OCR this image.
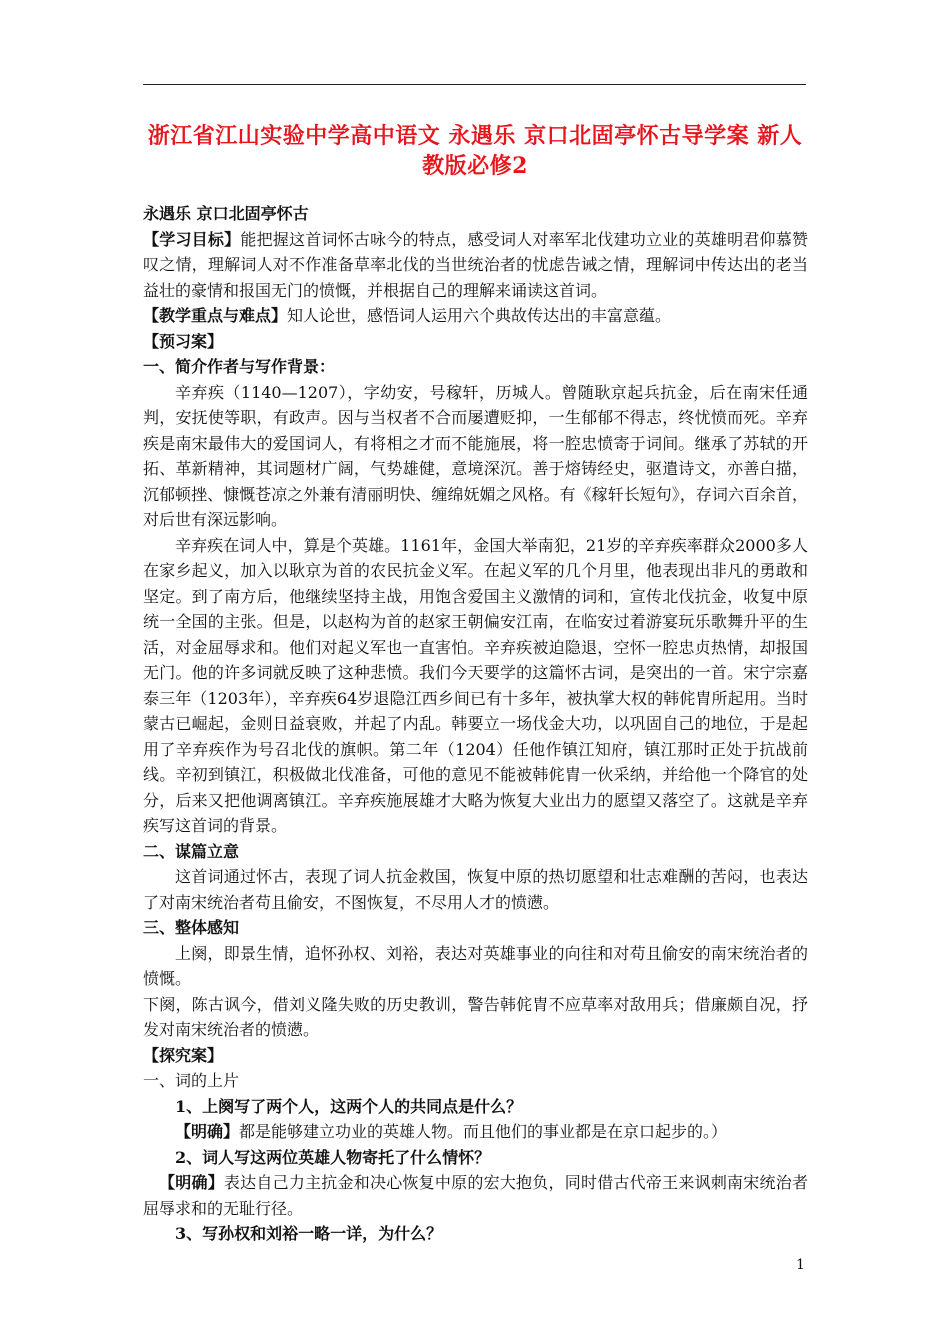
浙江省江山实验中学高中语文 永遇乐 京口北固亭怀古导学案 新人
教版必修2

永遇乐 京口北固亭怀古

【学习目标】能把握这首词怀古咏今的特点，感受词人对率军北伐建功立业的英雄明君仰慕赞叹之情，理解词人对不作准备草率北伐的当世统治者的忧虑告诫之情，理解词中传达出的老当益壮的豪情和报国无门的愤慨，并根据自己的理解来诵读这首词。

【教学重点与难点】知人论世，感悟词人运用六个典故传达出的丰富意蕴。

【预习案】

一、简介作者与写作背景：

辛弃疾（1140—1207），字幼安，号稼轩，历城人。曾随耿京起兵抗金，后在南宋任通判，安抚使等职，有政声。因与当权者不合而屡遭贬抑，一生郁郁不得志，终忧愤而死。辛弃疾是南宋最伟大的爱国词人，有将相之才而不能施展，将一腔忠愤寄于词间。继承了苏轼的开拓、革新精神，其词题材广阔，气势雄健，意境深沉。善于熔铸经史，驱遣诗文，亦善白描，沉郁顿挫、慷慨苍凉之外兼有清丽明快、缠绵妩媚之风格。有《稼轩长短句》，存词六百余首，对后世有深远影响。

辛弃疾在词人中，算是个英雄。1161年，金国大举南犯，21岁的辛弃疾率群众2000多人在家乡起义，加入以耿京为首的农民抗金义军。在起义军的几个月里，他表现出非凡的勇敢和坚定。到了南方后，他继续坚持主战，用饱含爱国主义激情的词和，宣传北伐抗金，收复中原统一全国的主张。但是，以赵构为首的赵家王朝偏安江南，在临安过着游宴玩乐歌舞升平的生活，对金屈辱求和。他们对起义军也一直害怕。辛弃疾被迫隐退，空怀一腔忠贞热情，却报国无门。他的许多词就反映了这种悲愤。我们今天要学的这篇怀古词，是突出的一首。宋宁宗嘉泰三年（1203年），辛弃疾64岁退隐江西乡间已有十多年，被执掌大权的韩侂胄所起用。当时蒙古已崛起，金则日益衰败，并起了内乱。韩要立一场伐金大功，以巩固自己的地位，于是起用了辛弃疾作为号召北伐的旗帜。第二年（1204）任他作镇江知府，镇江那时正处于抗战前线。辛初到镇江，积极做北伐准备，可他的意见不能被韩侂胄一伙采纳，并给他一个降官的处分，后来又把他调离镇江。辛弃疾施展雄才大略为恢复大业出力的愿望又落空了。这就是辛弃疾写这首词的背景。

二、谋篇立意

这首词通过怀古，表现了词人抗金救国，恢复中原的热切愿望和壮志难酬的苦闷，也表达了对南宋统治者苟且偷安，不图恢复，不尽用人才的愤懑。

三、整体感知

上阕，即景生情，追怀孙权、刘裕，表达对英雄事业的向往和对苟且偷安的南宋统治者的愤慨。

下阕，陈古讽今，借刘义隆失败的历史教训，警告韩侂胄不应草率对敌用兵；借廉颇自况，抒发对南宋统治者的愤懑。

【探究案】

一、词的上片

1、上阕写了两个人，这两个人的共同点是什么？

【明确】都是能够建立功业的英雄人物。而且他们的事业都是在京口起步的。）

2、词人写这两位英雄人物寄托了什么情怀？

【明确】表达自己力主抗金和决心恢复中原的宏大抱负，同时借古代帝王来讽刺南宋统治者屈辱求和的无耻行径。

3、写孙权和刘裕一略一详，为什么？

1
